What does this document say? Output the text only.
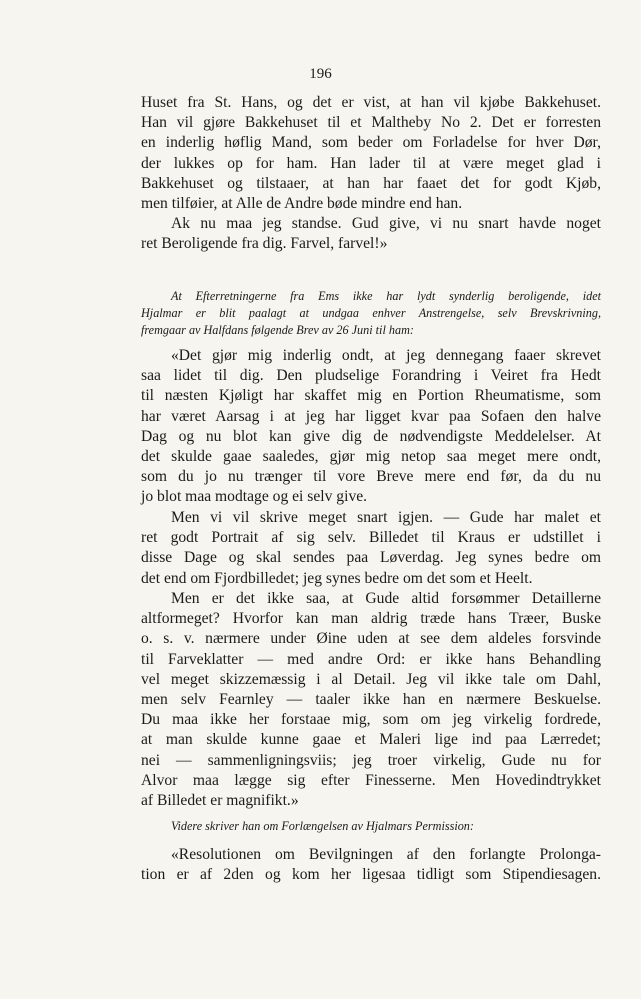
196
Huset fra St. Hans, og det er vist, at han vil kjøbe Bakkehuset.
Han vil gjøre Bakkehuset til et Maltheby No 2. Det er forresten
en inderlig høflig Mand, som beder om Forladelse for hver Dør,
der lukkes op for ham. Han lader til at være meget glad i
Bakkehuset og tilstaaer, at han har faaet det for godt Kjøb,
men tilføier, at Alle de Andre bøde mindre end han.
Ak nu maa jeg standse. Gud give, vi nu snart havde noget
ret Beroligende fra dig. Farvel, farvel!»
At Efterretningerne fra Ems ikke har lydt synderlig beroligende, idet
Hjalmar er blit paalagt at undgaa enhver Anstrengelse, selv Brevskrivning,
fremgaar av Halfdans følgende Brev av 26 Juni til ham:
«Det gjør mig inderlig ondt, at jeg dennegang faaer skrevet
saa lidet til dig. Den pludselige Forandring i Veiret fra Hedt
til næsten Kjøligt har skaffet mig en Portion Rheumatisme, som
har været Aarsag i at jeg har ligget kvar paa Sofaen den halve
Dag og nu blot kan give dig de nødvendigste Meddelelser. At
det skulde gaae saaledes, gjør mig netop saa meget mere ondt,
som du jo nu trænger til vore Breve mere end før, da du nu
jo blot maa modtage og ei selv give.
Men vi vil skrive meget snart igjen. — Gude har malet et
ret godt Portrait af sig selv. Billedet til Kraus er udstillet i
disse Dage og skal sendes paa Løverdag. Jeg synes bedre om
det end om Fjordbilledet; jeg synes bedre om det som et Heelt.
Men er det ikke saa, at Gude altid forsømmer Detaillerne
altformeget? Hvorfor kan man aldrig træde hans Træer, Buske
o. s. v. nærmere under Øine uden at see dem aldeles forsvinde
til Farveklatter — med andre Ord: er ikke hans Behandling
vel meget skizzemæssig i al Detail. Jeg vil ikke tale om Dahl,
men selv Fearnley — taaler ikke han en nærmere Beskuelse.
Du maa ikke her forstaae mig, som om jeg virkelig fordrede,
at man skulde kunne gaae et Maleri lige ind paa Lærredet;
nei — sammenligningsviis; jeg troer virkelig, Gude nu for
Alvor maa lægge sig efter Finesserne. Men Hovedindtrykket
af Billedet er magnifikt.»
Videre skriver han om Forlængelsen av Hjalmars Permission:
«Resolutionen om Bevilgningen af den forlangte Prolonga-
tion er af 2den og kom her ligesaa tidligt som Stipendiesagen.
